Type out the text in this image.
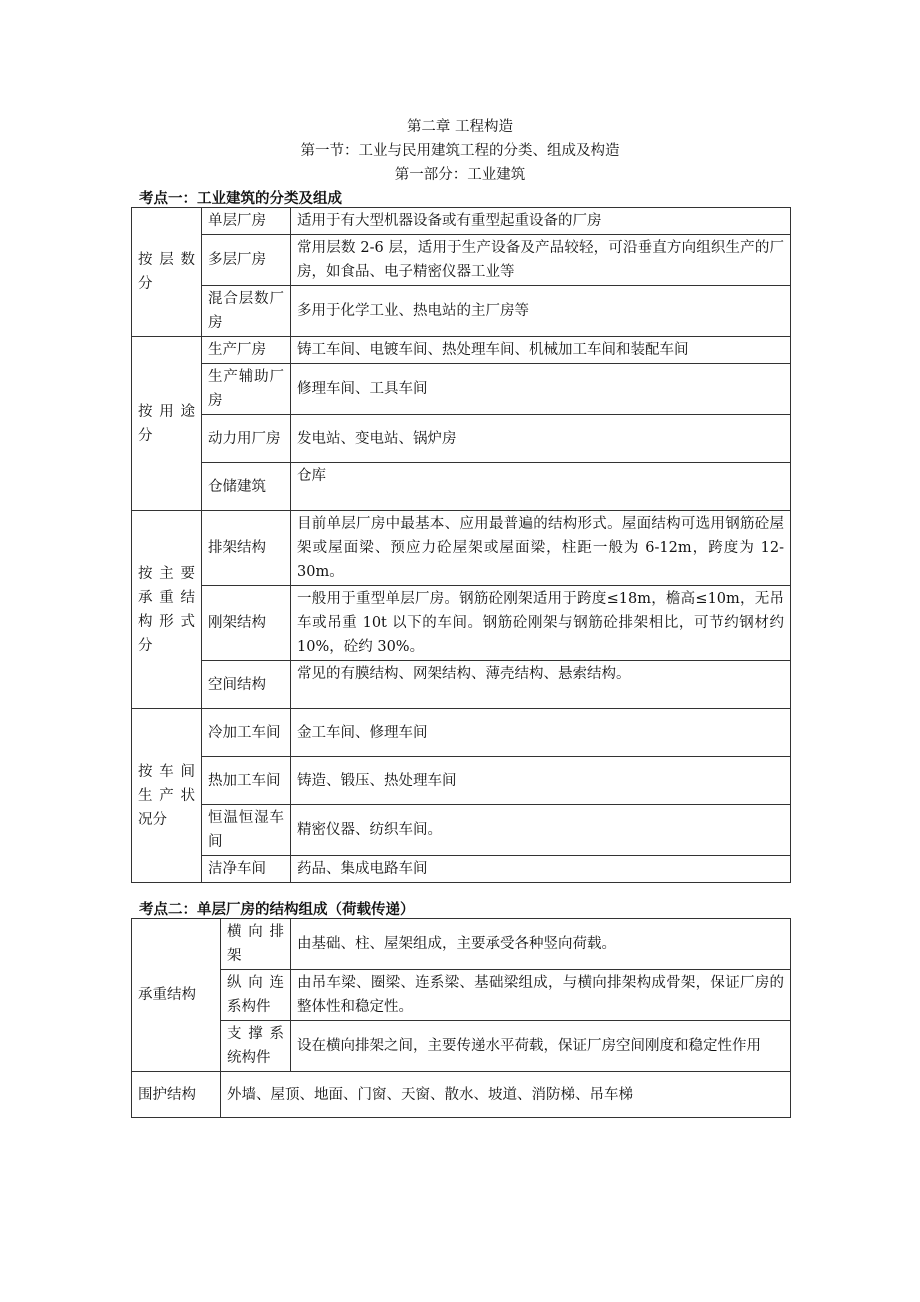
第二章 工程构造
第一节：工业与民用建筑工程的分类、组成及构造
第一部分：工业建筑
考点一：工业建筑的分类及组成
按层数分	单层厂房	适用于有大型机器设备或有重型起重设备的厂房
	多层厂房	常用层数 2-6 层，适用于生产设备及产品较轻，可沿垂直方向组织生产的厂房，如食品、电子精密仪器工业等
	混合层数厂房	多用于化学工业、热电站的主厂房等
按用途分	生产厂房	铸工车间、电镀车间、热处理车间、机械加工车间和装配车间
	生产辅助厂房	修理车间、工具车间
	动力用厂房	发电站、变电站、锅炉房
	仓储建筑	仓库
按主要承重结构形式分	排架结构	目前单层厂房中最基本、应用最普遍的结构形式。屋面结构可选用钢筋砼屋架或屋面梁、预应力砼屋架或屋面梁，柱距一般为 6-12m，跨度为 12-30m。
	刚架结构	一般用于重型单层厂房。钢筋砼刚架适用于跨度≤18m，檐高≤10m，无吊车或吊重 10t 以下的车间。钢筋砼刚架与钢筋砼排架相比，可节约钢材约 10%，砼约 30%。
	空间结构	常见的有膜结构、网架结构、薄壳结构、悬索结构。
按车间生产状况分	冷加工车间	金工车间、修理车间
	热加工车间	铸造、锻压、热处理车间
	恒温恒湿车间	精密仪器、纺织车间。
	洁净车间	药品、集成电路车间
考点二：单层厂房的结构组成（荷载传递）
承重结构	横向排架	由基础、柱、屋架组成，主要承受各种竖向荷载。
	纵向连系构件	由吊车梁、圈梁、连系梁、基础梁组成，与横向排架构成骨架，保证厂房的整体性和稳定性。
	支撑系统构件	设在横向排架之间，主要传递水平荷载，保证厂房空间刚度和稳定性作用
围护结构	外墙、屋顶、地面、门窗、天窗、散水、坡道、消防梯、吊车梯	
